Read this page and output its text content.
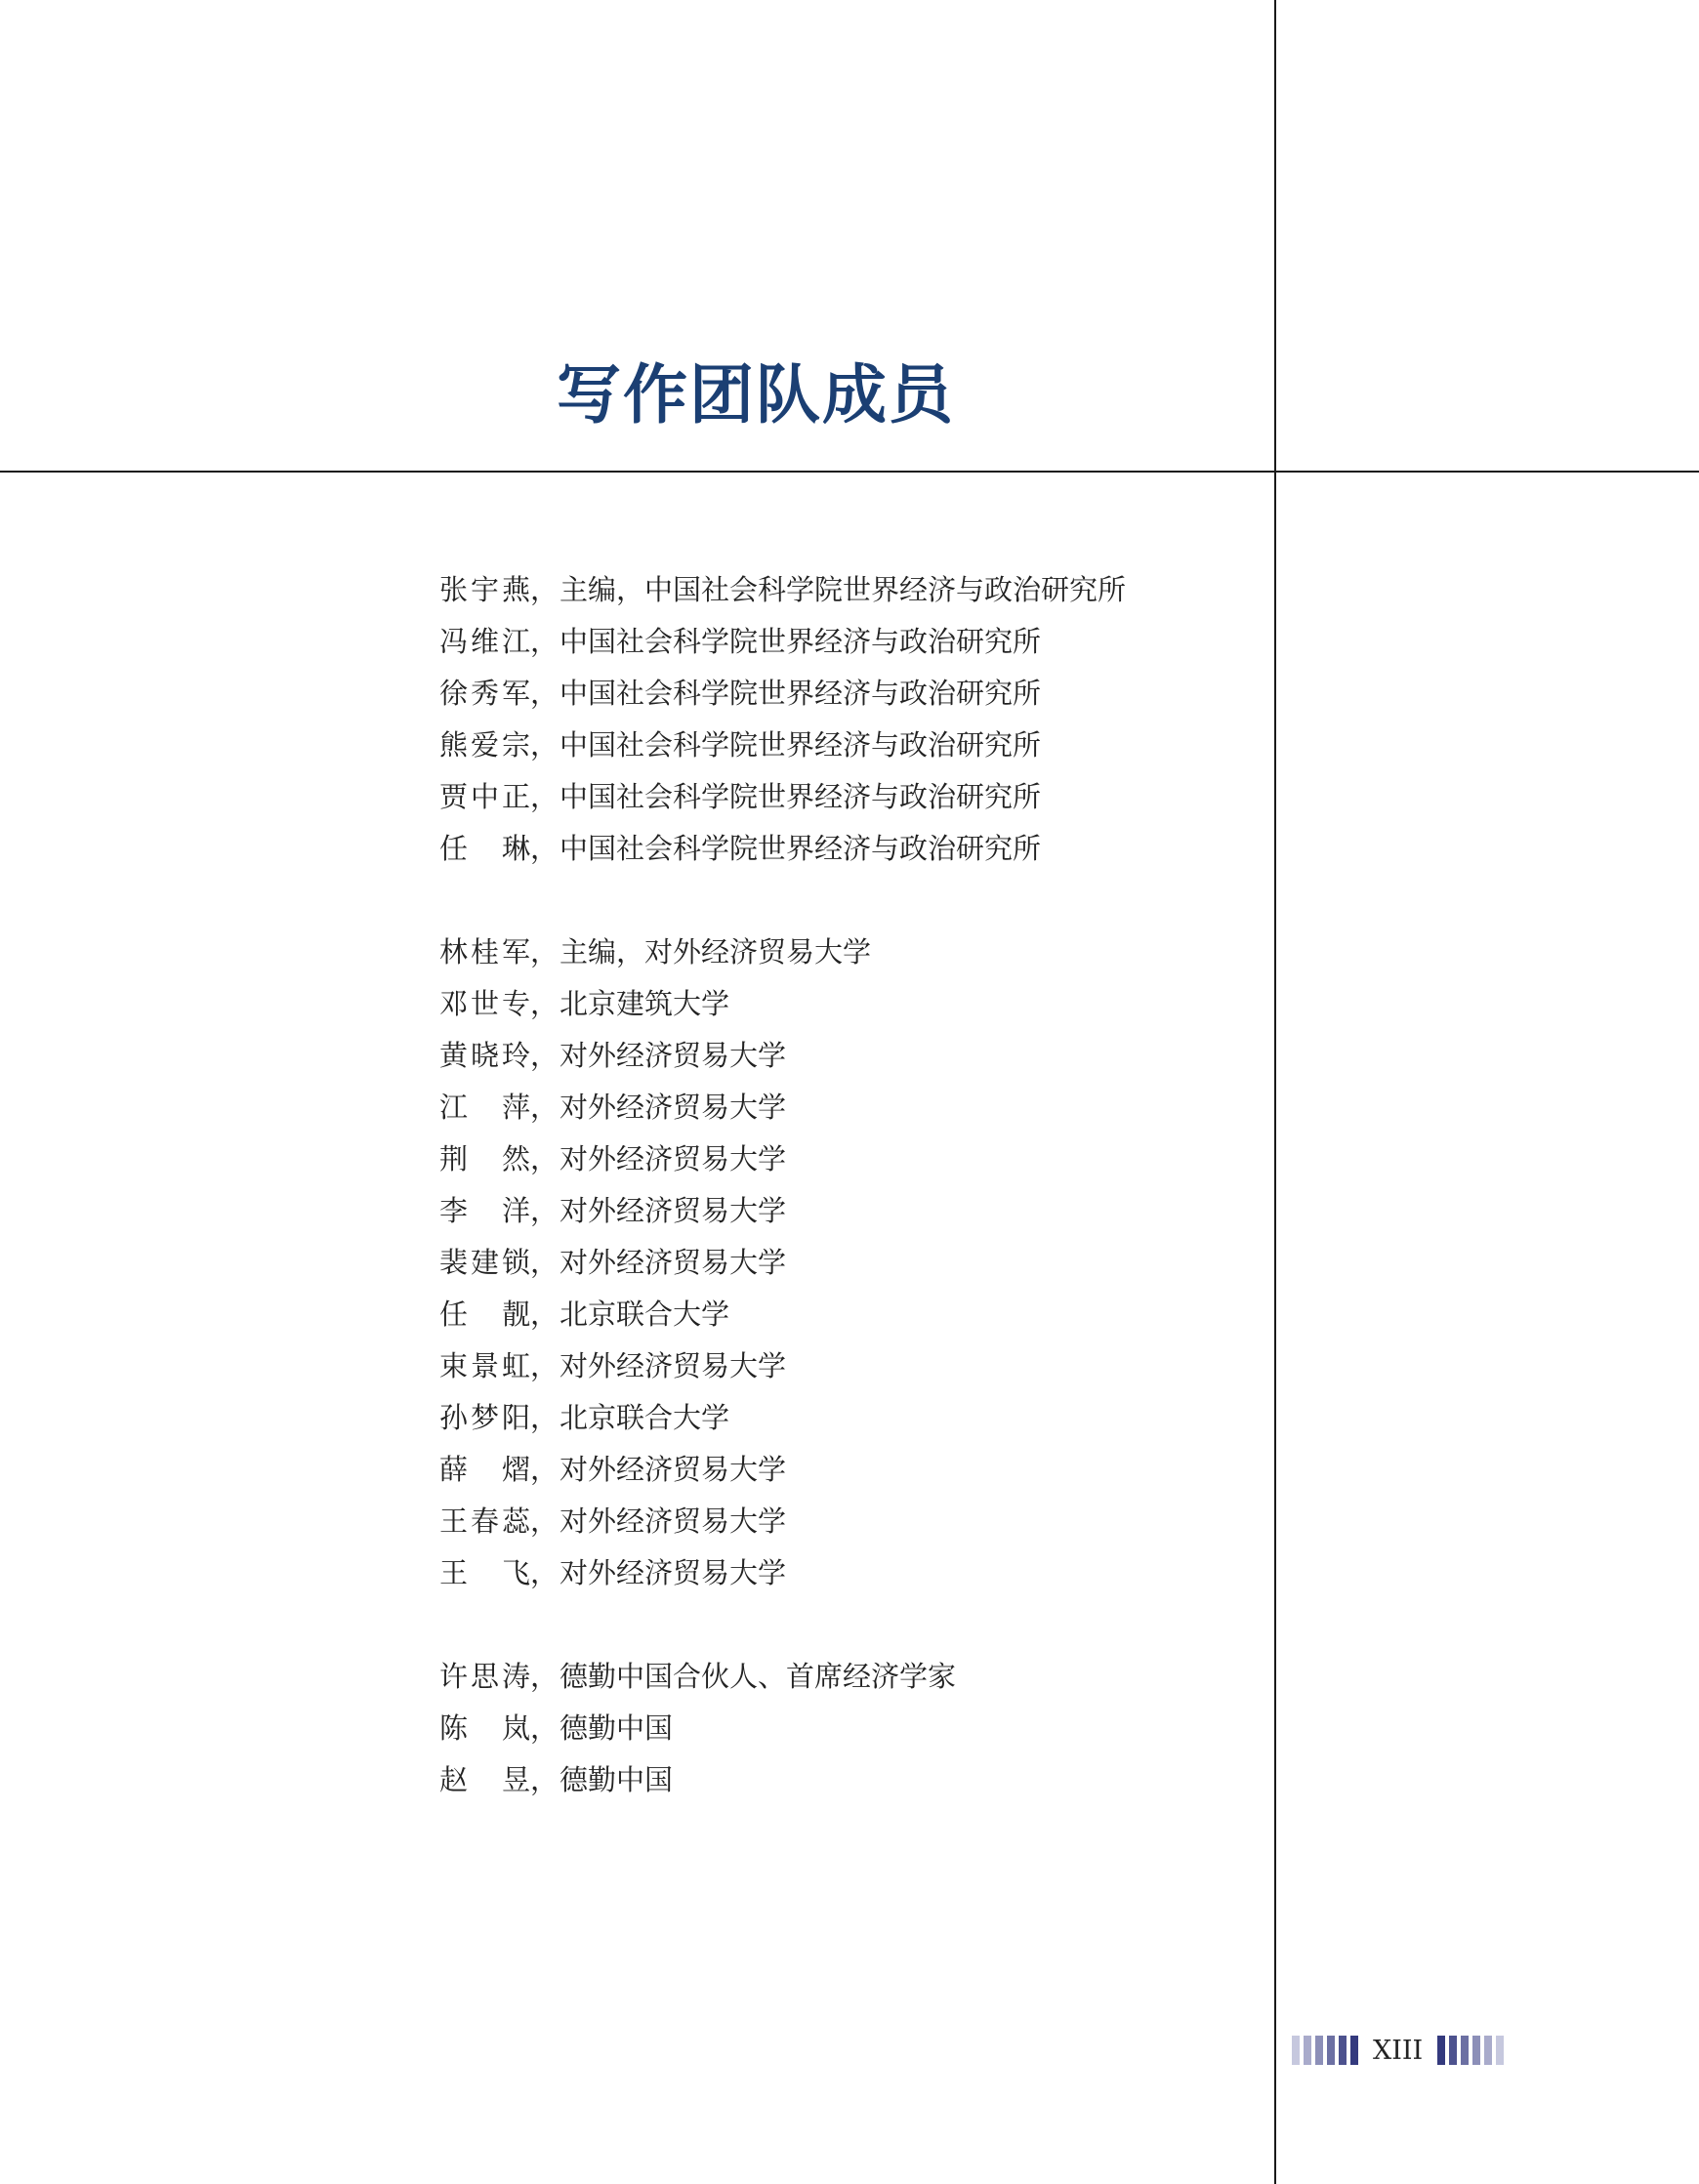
写作团队成员
张宇燕 ， 主编，中国社会科学院世界经济与政治研究所
冯维江 ， 中国社会科学院世界经济与政治研究所
徐秀军 ， 中国社会科学院世界经济与政治研究所
熊爱宗 ， 中国社会科学院世界经济与政治研究所
贾中正 ， 中国社会科学院世界经济与政治研究所
任琳 ， 中国社会科学院世界经济与政治研究所
林桂军 ， 主编，对外经济贸易大学
邓世专 ， 北京建筑大学
黄晓玲 ， 对外经济贸易大学
江萍 ， 对外经济贸易大学
荆然 ， 对外经济贸易大学
李洋 ， 对外经济贸易大学
裴建锁 ， 对外经济贸易大学
任靓 ， 北京联合大学
束景虹 ， 对外经济贸易大学
孙梦阳 ， 北京联合大学
薛熠 ， 对外经济贸易大学
王春蕊 ， 对外经济贸易大学
王飞 ， 对外经济贸易大学
许思涛 ， 德勤中国合伙人、首席经济学家
陈岚 ， 德勤中国
赵昱 ， 德勤中国
XIII
